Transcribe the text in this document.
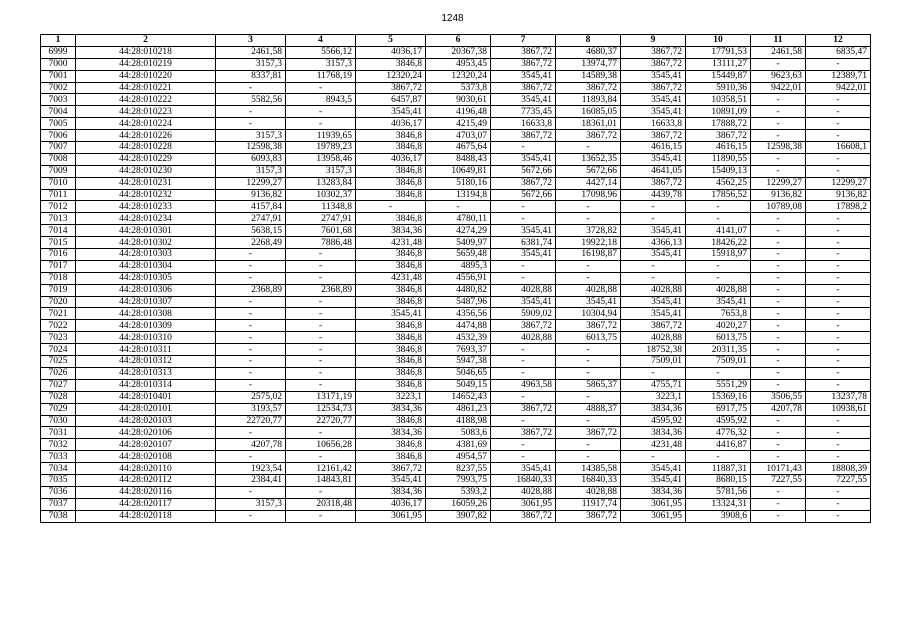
1248
1	2	3	4	5	6	7	8	9	10	11	12
6999	44:28:010218	2461,58	5566,12	4036,17	20367,38	3867,72	4680,37	3867,72	17791,53	2461,58	6835,47
7000	44:28:010219	3157,3	3157,3	3846,8	4953,45	3867,72	13974,77	3867,72	13111,27	-	-
7001	44:28:010220	8337,81	11768,19	12320,24	12320,24	3545,41	14589,38	3545,41	15449,87	9623,63	12389,71
7002	44:28:010221	-	-	3867,72	5373,8	3867,72	3867,72	3867,72	5910,36	9422,01	9422,01
7003	44:28:010222	5582,56	8943,5	6457,87	9030,61	3545,41	11893,84	3545,41	10358,51	-	-
7004	44:28:010223	-	-	3545,41	4196,48	7735,45	16085,05	3545,41	10891,09	-	-
7005	44:28:010224	-	-	4036,17	4215,49	16633,8	18361,01	16633,8	17888,72	-	-
7006	44:28:010226	3157,3	11939,65	3846,8	4703,07	3867,72	3867,72	3867,72	3867,72	-	-
7007	44:28:010228	12598,38	19789,23	3846,8	4675,64	-	-	4616,15	4616,15	12598,38	16608,1
7008	44:28:010229	6093,83	13958,46	4036,17	8488,43	3545,41	13652,35	3545,41	11890,55	-	-
7009	44:28:010230	3157,3	3157,3	3846,8	10649,81	5672,66	5672,66	4641,05	15409,13	-	-
7010	44:28:010231	12299,27	13283,84	3846,8	5180,16	3867,72	4427,14	3867,72	4562,25	12299,27	12299,27
7011	44:28:010232	9136,82	10302,37	3846,8	13194,8	5672,66	17098,96	4439,78	17856,52	9136,82	9136,82
7012	44:28:010233	4157,84	11348,8	-	-	-	-	-	-	10789,08	17898,2
7013	44:28:010234	2747,91	2747,91	3846,8	4780,11	-	-	-	-	-	-
7014	44:28:010301	5638,15	7601,68	3834,36	4274,29	3545,41	3728,82	3545,41	4141,07	-	-
7015	44:28:010302	2268,49	7886,48	4231,48	5409,97	6381,74	19922,18	4366,13	18426,22	-	-
7016	44:28:010303	-	-	3846,8	5659,48	3545,41	16198,87	3545,41	15918,97	-	-
7017	44:28:010304	-	-	3846,8	4895,3	-	-	-	-	-	-
7018	44:28:010305	-	-	4231,48	4556,91	-	-	-	-	-	-
7019	44:28:010306	2368,89	2368,89	3846,8	4480,82	4028,88	4028,88	4028,88	4028,88	-	-
7020	44:28:010307	-	-	3846,8	5487,96	3545,41	3545,41	3545,41	3545,41	-	-
7021	44:28:010308	-	-	3545,41	4356,56	5909,02	10304,94	3545,41	7653,8	-	-
7022	44:28:010309	-	-	3846,8	4474,88	3867,72	3867,72	3867,72	4020,27	-	-
7023	44:28:010310	-	-	3846,8	4532,39	4028,88	6013,75	4028,88	6013,75	-	-
7024	44:28:010311	-	-	3846,8	7693,37	-	-	18752,38	20311,35	-	-
7025	44:28:010312	-	-	3846,8	5947,38	-	-	7509,01	7509,01	-	-
7026	44:28:010313	-	-	3846,8	5046,65	-	-	-	-	-	-
7027	44:28:010314	-	-	3846,8	5049,15	4963,58	5865,37	4755,71	5551,29	-	-
7028	44:28:010401	2575,02	13171,19	3223,1	14652,43	-	-	3223,1	15369,16	3506,55	13237,78
7029	44:28:020101	3193,57	12534,73	3834,36	4861,23	3867,72	4888,37	3834,36	6917,75	4207,78	10938,61
7030	44:28:020103	22720,77	22720,77	3846,8	4188,98	-	-	4595,92	4595,92	-	-
7031	44:28:020106	-	-	3834,36	5083,6	3867,72	3867,72	3834,36	4776,32	-	-
7032	44:28:020107	4207,78	10656,28	3846,8	4381,69	-	-	4231,48	4416,87	-	-
7033	44:28:020108	-	-	3846,8	4954,57	-	-	-	-	-	-
7034	44:28:020110	1923,54	12161,42	3867,72	8237,55	3545,41	14385,58	3545,41	11887,31	10171,43	18808,39
7035	44:28:020112	2384,41	14843,81	3545,41	7993,75	16840,33	16840,33	3545,41	8680,15	7227,55	7227,55
7036	44:28:020116	-	-	3834,36	5393,2	4028,88	4028,88	3834,36	5781,56	-	-
7037	44:28:020117	3157,3	20318,48	4036,17	16059,26	3061,95	11917,74	3061,95	13324,31	-	-
7038	44:28:020118	-	-	3061,95	3907,82	3867,72	3867,72	3061,95	3908,6	-	-
